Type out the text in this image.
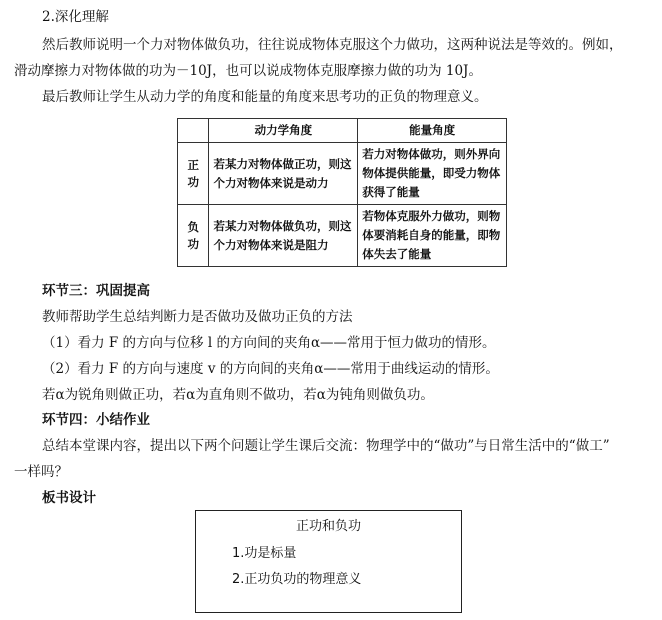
2.深化理解
然后教师说明一个力对物体做负功，往往说成物体克服这个力做功，这两种说法是等效的。例如，
滑动摩擦力对物体做的功为－10J，也可以说成物体克服摩擦力做的功为 10J。
最后教师让学生从动力学的角度和能量的角度来思考功的正负的物理意义。
	动力学角度	能量角度

正
功	若某力对物体做正功，则这个力对物体来说是动力	若力对物体做功，则外界向物体提供能量，即受力物体获得了能量

负
功	若某力对物体做负功，则这个力对物体来说是阻力	若物体克服外力做功，则物体要消耗自身的能量，即物体失去了能量
环节三：巩固提高
教师帮助学生总结判断力是否做功及做功正负的方法
（1）看力 F 的方向与位移 l 的方向间的夹角α——常用于恒力做功的情形。
（2）看力 F 的方向与速度 v 的方向间的夹角α——常用于曲线运动的情形。
若α为锐角则做正功，若α为直角则不做功，若α为钝角则做负功。
环节四：小结作业
总结本堂课内容，提出以下两个问题让学生课后交流：物理学中的“做功”与日常生活中的“做工”
一样吗？
板书设计
正功和负功
1.功是标量
2.正功负功的物理意义
